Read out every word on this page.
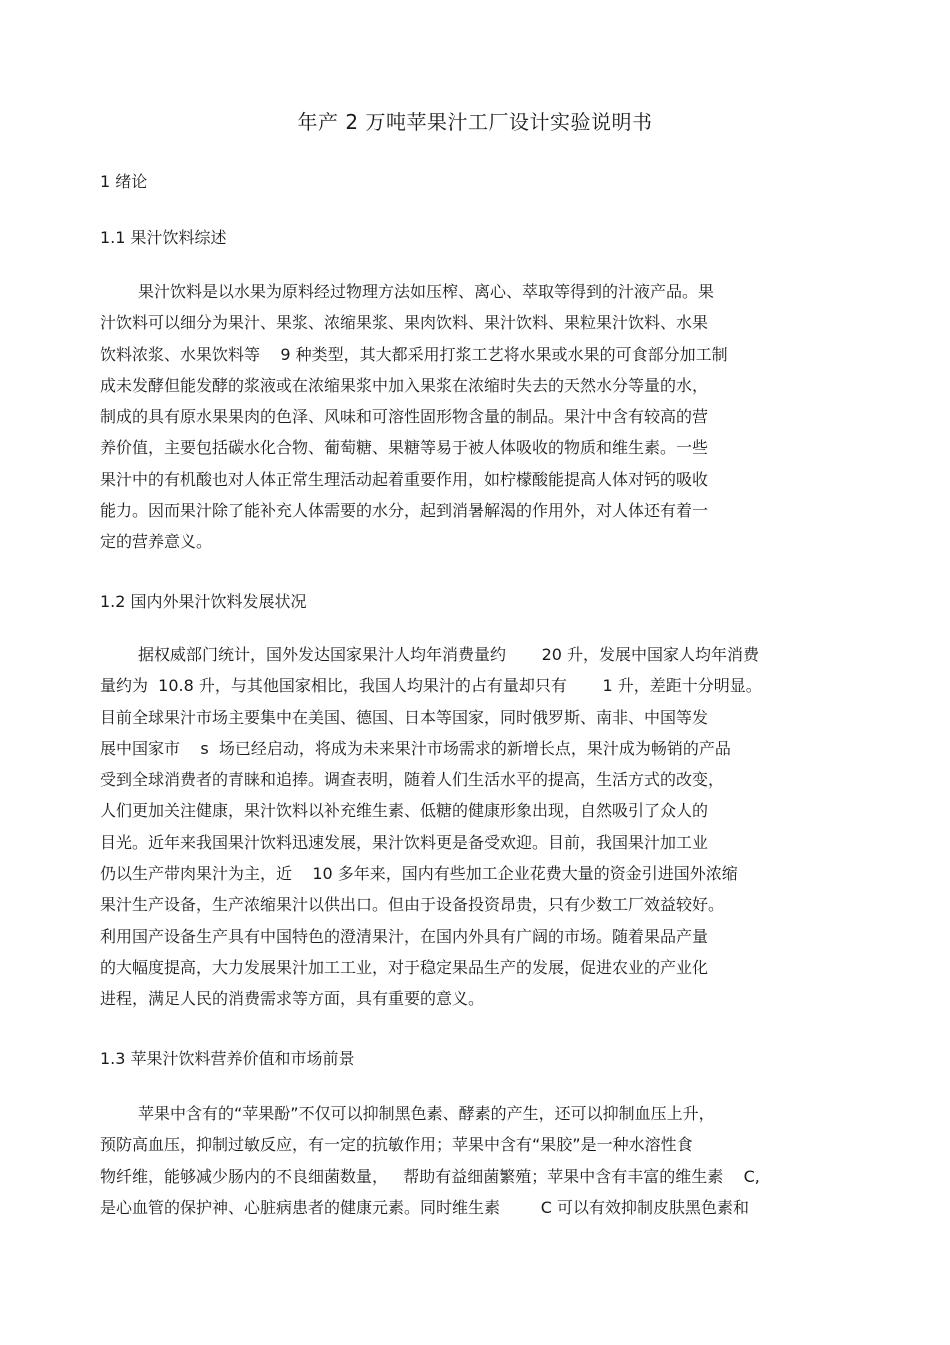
年产 2 万吨苹果汁工厂设计实验说明书
1 绪论
1.1 果汁饮料综述
果汁饮料是以水果为原料经过物理方法如压榨、离心、萃取等得到的汁液产品。果
汁饮料可以细分为果汁、果浆、浓缩果浆、果肉饮料、果汁饮料、果粒果汁饮料、水果
饮料浓浆、水果饮料等    9 种类型，其大都采用打浆工艺将水果或水果的可食部分加工制
成未发酵但能发酵的浆液或在浓缩果浆中加入果浆在浓缩时失去的天然水分等量的水，
制成的具有原水果果肉的色泽、风味和可溶性固形物含量的制品。果汁中含有较高的营
养价值，主要包括碳水化合物、葡萄糖、果糖等易于被人体吸收的物质和维生素。一些
果汁中的有机酸也对人体正常生理活动起着重要作用，如柠檬酸能提高人体对钙的吸收
能力。因而果汁除了能补充人体需要的水分，起到消暑解渴的作用外，对人体还有着一
定的营养意义。
1.2 国内外果汁饮料发展状况
据权威部门统计，国外发达国家果汁人均年消费量约       20 升，发展中国家人均年消费
量约为  10.8 升，与其他国家相比，我国人均果汁的占有量却只有       1 升，差距十分明显。
目前全球果汁市场主要集中在美国、德国、日本等国家，同时俄罗斯、南非、中国等发
展中国家市    s  场已经启动，将成为未来果汁市场需求的新增长点，果汁成为畅销的产品
受到全球消费者的青睐和追捧。调查表明，随着人们生活水平的提高，生活方式的改变，
人们更加关注健康，果汁饮料以补充维生素、低糖的健康形象出现，自然吸引了众人的
目光。近年来我国果汁饮料迅速发展，果汁饮料更是备受欢迎。目前，我国果汁加工业
仍以生产带肉果汁为主，近    10 多年来，国内有些加工企业花费大量的资金引进国外浓缩
果汁生产设备，生产浓缩果汁以供出口。但由于设备投资昂贵，只有少数工厂效益较好。
利用国产设备生产具有中国特色的澄清果汁，在国内外具有广阔的市场。随着果品产量
的大幅度提高，大力发展果汁加工工业，对于稳定果品生产的发展，促进农业的产业化
进程，满足人民的消费需求等方面，具有重要的意义。
1.3 苹果汁饮料营养价值和市场前景
苹果中含有的“苹果酚”不仅可以抑制黑色素、酵素的产生，还可以抑制血压上升，
预防高血压，抑制过敏反应，有一定的抗敏作用；苹果中含有“果胶”是一种水溶性食
物纤维，能够减少肠内的不良细菌数量，   帮助有益细菌繁殖；苹果中含有丰富的维生素    C,
是心血管的保护神、心脏病患者的健康元素。同时维生素        C 可以有效抑制皮肤黑色素和
